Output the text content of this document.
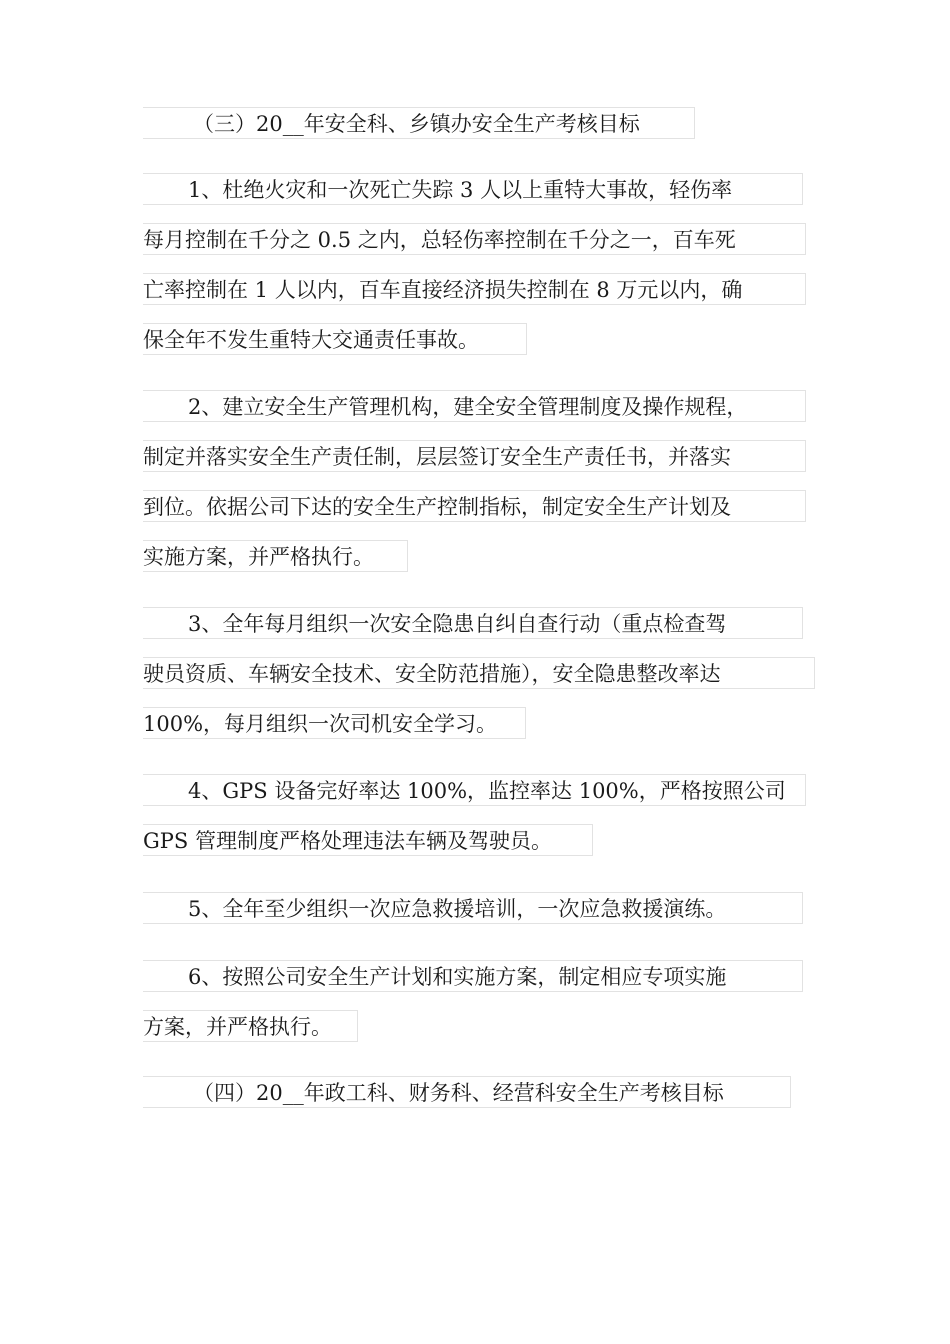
（三）20__年安全科、乡镇办安全生产考核目标
1、杜绝火灾和一次死亡失踪 3 人以上重特大事故，轻伤率
每月控制在千分之 0.5 之内，总轻伤率控制在千分之一，百车死
亡率控制在 1 人以内，百车直接经济损失控制在 8 万元以内，确
保全年不发生重特大交通责任事故。
2、建立安全生产管理机构，建全安全管理制度及操作规程，
制定并落实安全生产责任制，层层签订安全生产责任书，并落实
到位。依据公司下达的安全生产控制指标，制定安全生产计划及
实施方案，并严格执行。
3、全年每月组织一次安全隐患自纠自查行动（重点检查驾
驶员资质、车辆安全技术、安全防范措施），安全隐患整改率达
100%，每月组织一次司机安全学习。
4、GPS 设备完好率达 100%，监控率达 100%，严格按照公司
GPS 管理制度严格处理违法车辆及驾驶员。
5、全年至少组织一次应急救援培训，一次应急救援演练。
6、按照公司安全生产计划和实施方案，制定相应专项实施
方案，并严格执行。
（四）20__年政工科、财务科、经营科安全生产考核目标
